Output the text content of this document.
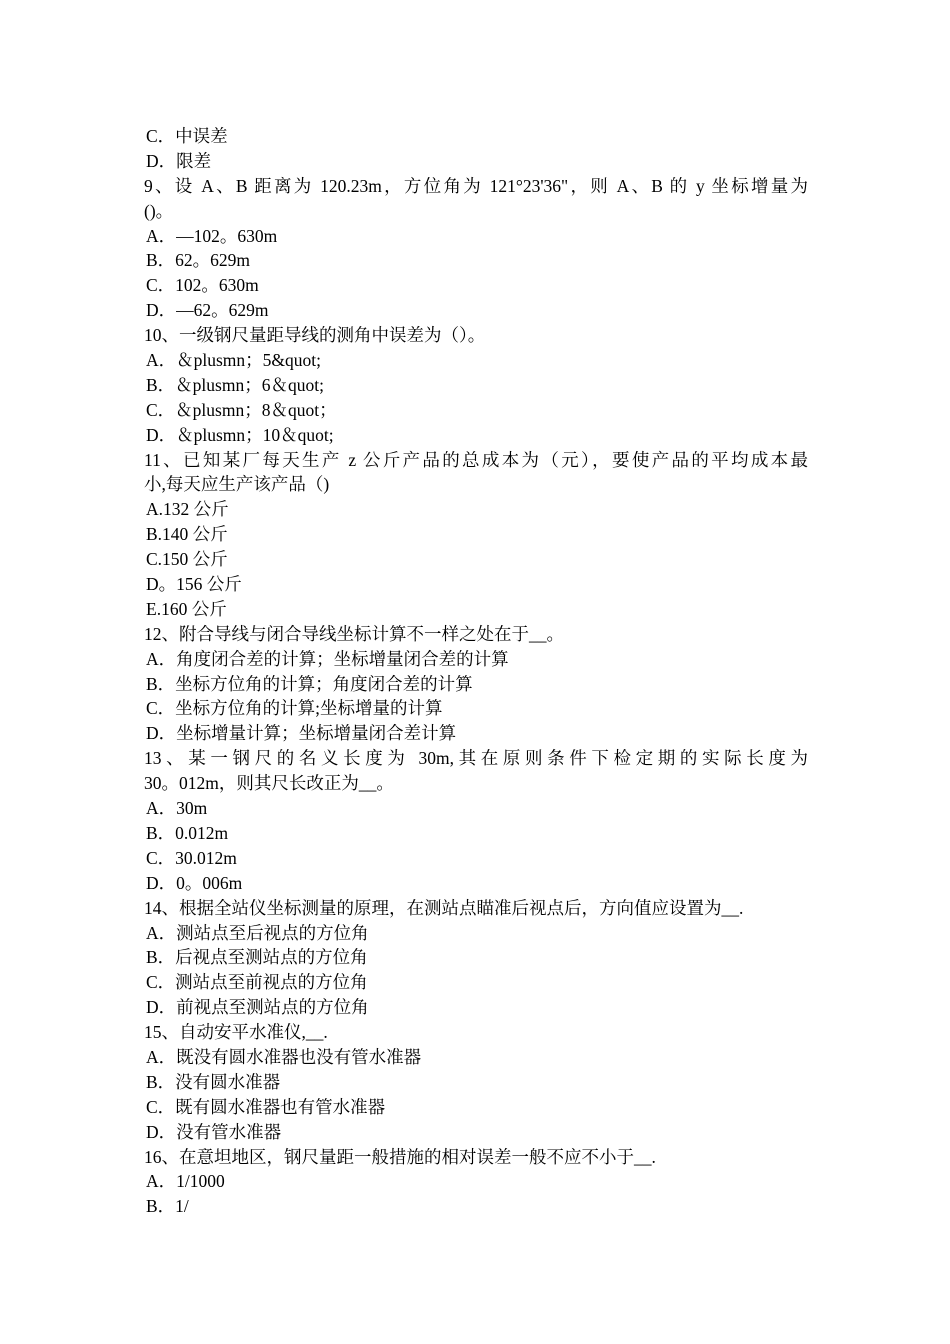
C．中误差
D．限差
9、设 A、B 距离为 120.23m，方位角为 121°23'36"，则 A、B 的 y 坐标增量为
()。
A．—102。630m
B．62。629m
C．102。630m
D．—62。629m
10、一级钢尺量距导线的测角中误差为（）。
A．＆plusmn；5&quot;
B．＆plusmn；6＆quot;
C．＆plusmn；8＆quot；
D．＆plusmn；10＆quot;
11、已知某厂每天生产 z 公斤产品的总成本为（元），要使产品的平均成本最
小,每天应生产该产品（)
A.132 公斤
B.140 公斤
C.150 公斤
D。156 公斤
E.160 公斤
12、附合导线与闭合导线坐标计算不一样之处在于__。
A．角度闭合差的计算；坐标增量闭合差的计算
B．坐标方位角的计算；角度闭合差的计算
C．坐标方位角的计算;坐标增量的计算
D．坐标增量计算；坐标增量闭合差计算
13、某一钢尺的名义长度为 30m,其在原则条件下检定期的实际长度为
30。012m，则其尺长改正为__。
A．30m
B．0.012m
C．30.012m
D．0。006m
14、根据全站仪坐标测量的原理，在测站点瞄准后视点后，方向值应设置为__.
A．测站点至后视点的方位角
B．后视点至测站点的方位角
C．测站点至前视点的方位角
D．前视点至测站点的方位角
15、自动安平水准仪,__.
A．既没有圆水准器也没有管水准器
B．没有圆水准器
C．既有圆水准器也有管水准器
D．没有管水准器
16、在意坦地区，钢尺量距一般措施的相对误差一般不应不小于__.
A．1/1000
B．1/
